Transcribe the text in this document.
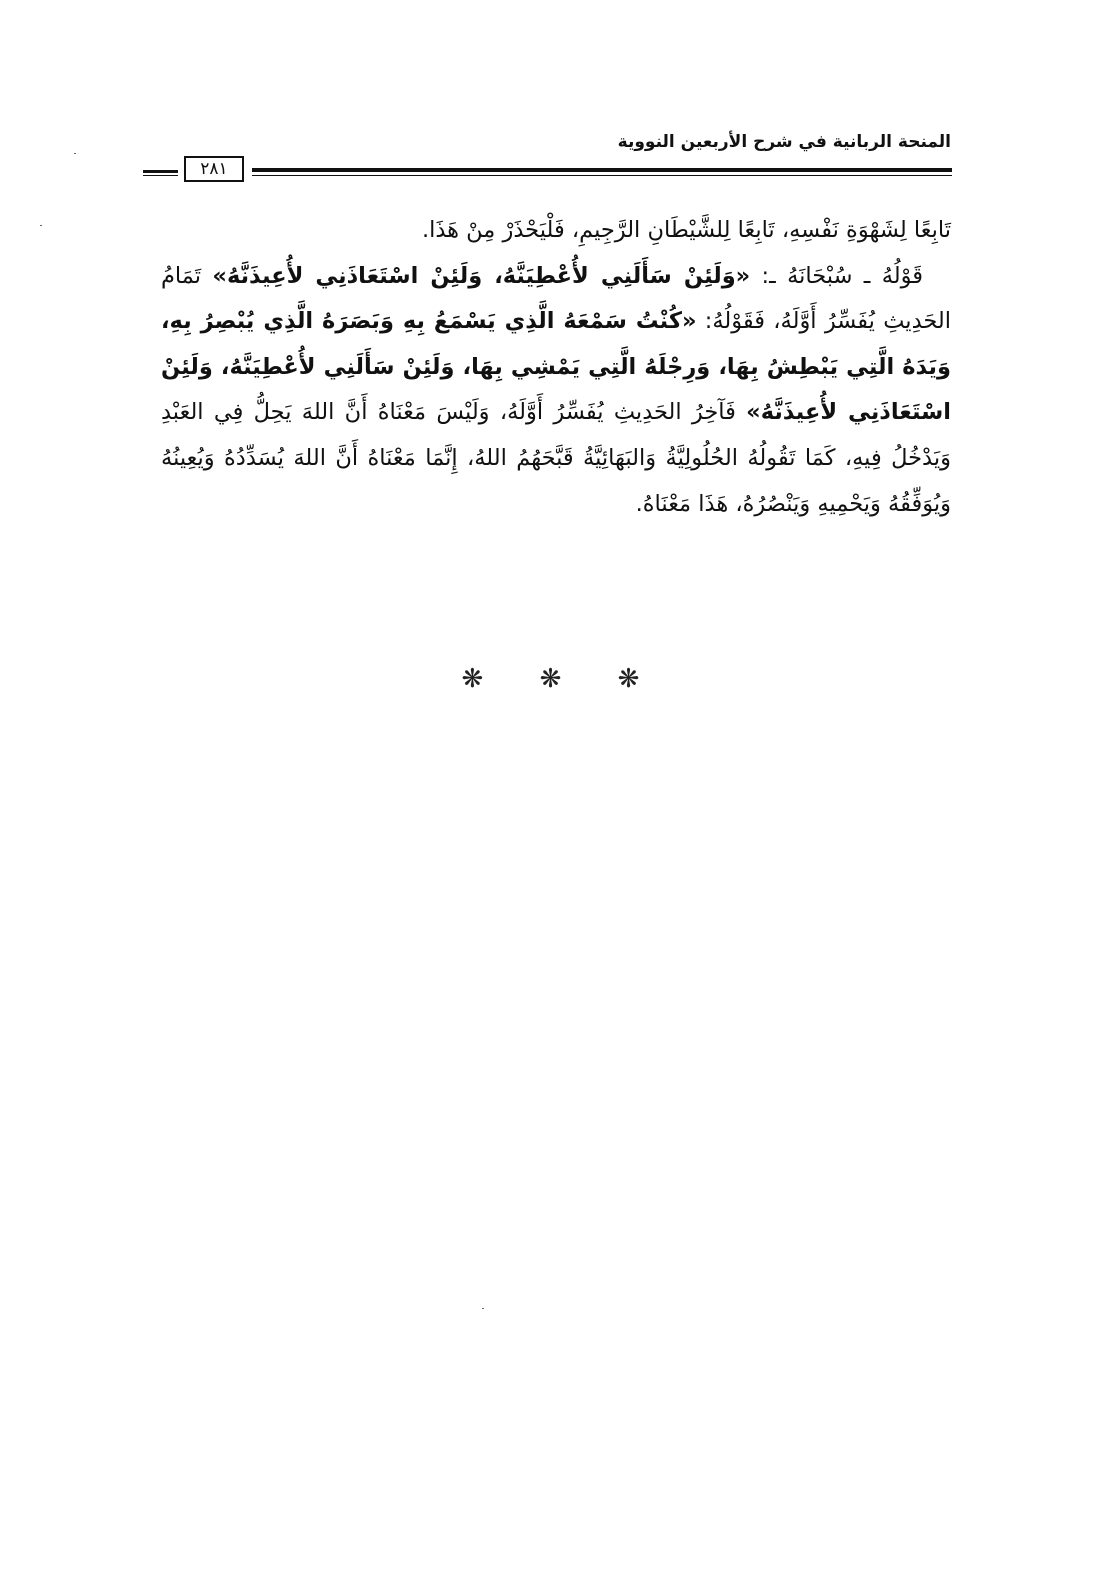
المنحة الربانية في شرح الأربعين النووية
٢٨١

تَابِعًا لِشَهْوَةِ نَفْسِهِ، تَابِعًا لِلشَّيْطَانِ الرَّجِيمِ، فَلْيَحْذَرْ مِنْ هَذَا.

قَوْلُهُ ـ سُبْحَانَهُ ـ: «وَلَئِنْ سَأَلَنِي لأُعْطِيَنَّهُ، وَلَئِنْ اسْتَعَاذَنِي لأُعِيذَنَّهُ» تَمَامُ الحَدِيثِ يُفَسِّرُ أَوَّلَهُ، فَقَوْلُهُ: «كُنْتُ سَمْعَهُ الَّذِي يَسْمَعُ بِهِ وَبَصَرَهُ الَّذِي يُبْصِرُ بِهِ، وَيَدَهُ الَّتِي يَبْطِشُ بِهَا، وَرِجْلَهُ الَّتِي يَمْشِي بِهَا، وَلَئِنْ سَأَلَنِي لأُعْطِيَنَّهُ، وَلَئِنْ اسْتَعَاذَنِي لأُعِيذَنَّهُ» فَآخِرُ الحَدِيثِ يُفَسِّرُ أَوَّلَهُ، وَلَيْسَ مَعْنَاهُ أَنَّ اللهَ يَحِلُّ فِي العَبْدِ وَيَدْخُلُ فِيهِ، كَمَا تَقُولُهُ الحُلُولِيَّةُ وَالبَهَائِيَّةُ قَبَّحَهُمُ اللهُ، إِنَّمَا مَعْنَاهُ أَنَّ اللهَ يُسَدِّدُهُ وَيُعِينُهُ وَيُوَفِّقُهُ وَيَحْمِيهِ وَيَنْصُرُهُ، هَذَا مَعْنَاهُ.

❋ ❋ ❋
